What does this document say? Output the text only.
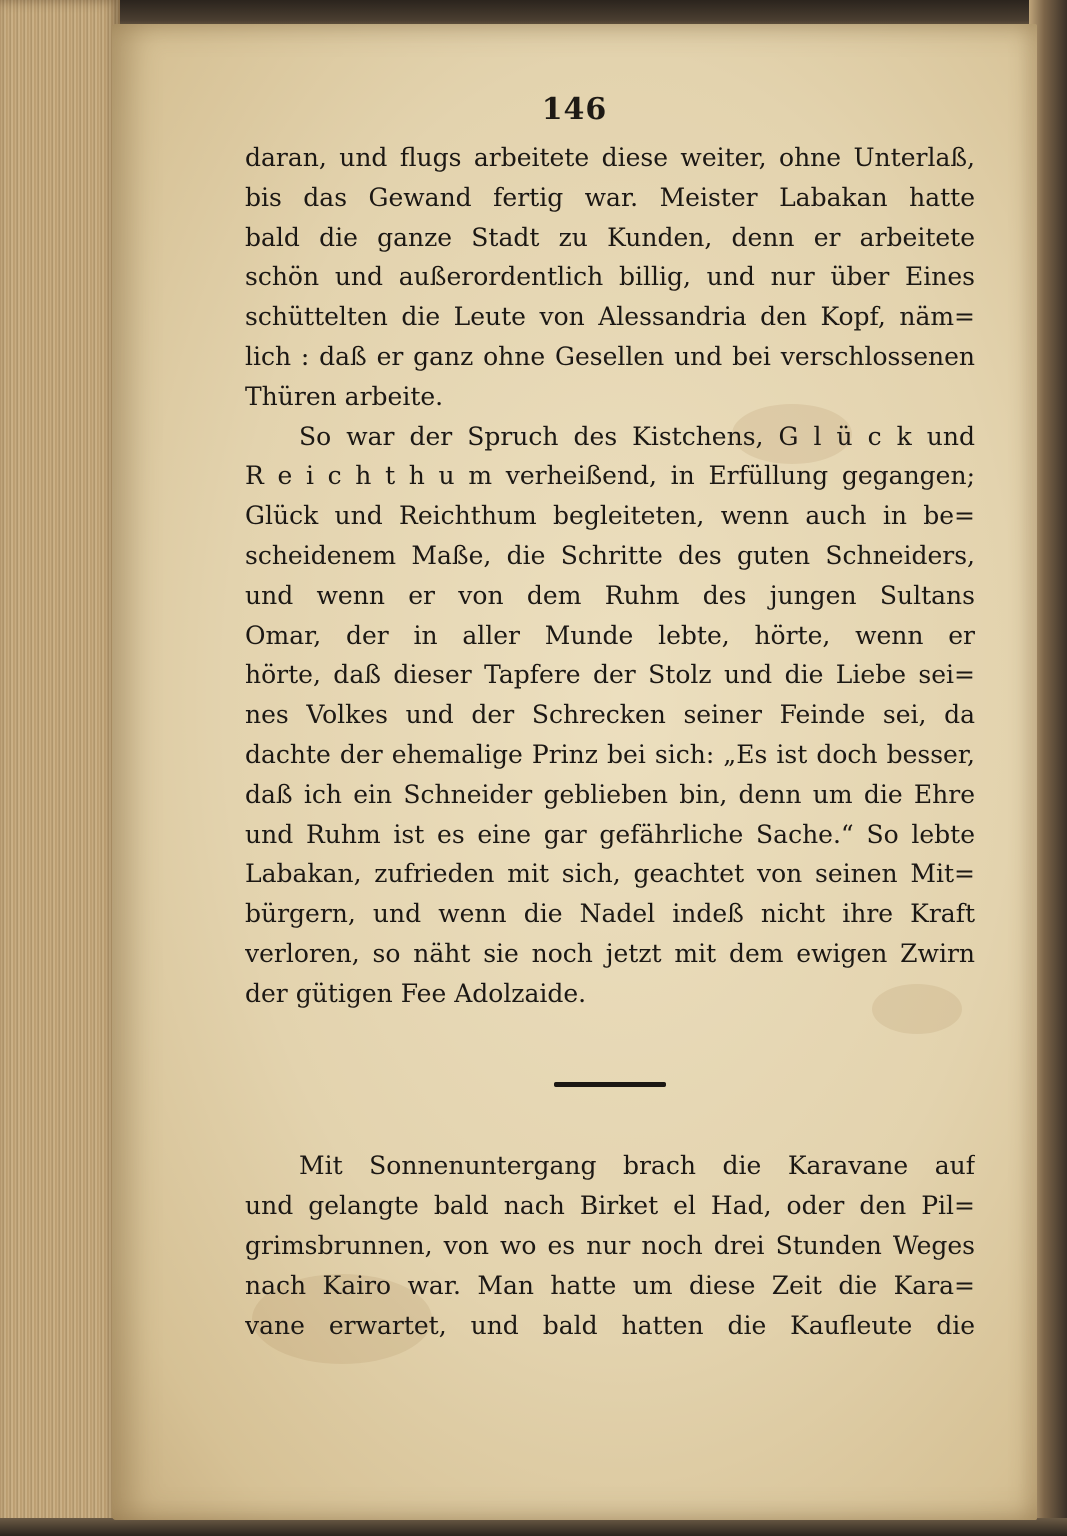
146
daran, und flugs arbeitete diese weiter, ohne Unterlaß,
bis das Gewand fertig war. Meister Labakan hatte
bald die ganze Stadt zu Kunden, denn er arbeitete
schön und außerordentlich billig, und nur über Eines
schüttelten die Leute von Alessandria den Kopf, näm=
lich : daß er ganz ohne Gesellen und bei verschlossenen
Thüren arbeite.
So war der Spruch des Kistchens, G l ü c k und
R e i c h t h u m verheißend, in Erfüllung gegangen;
Glück und Reichthum begleiteten, wenn auch in be=
scheidenem Maße, die Schritte des guten Schneiders,
und wenn er von dem Ruhm des jungen Sultans
Omar, der in aller Munde lebte, hörte, wenn er
hörte, daß dieser Tapfere der Stolz und die Liebe sei=
nes Volkes und der Schrecken seiner Feinde sei, da
dachte der ehemalige Prinz bei sich: „Es ist doch besser,
daß ich ein Schneider geblieben bin, denn um die Ehre
und Ruhm ist es eine gar gefährliche Sache.“ So lebte
Labakan, zufrieden mit sich, geachtet von seinen Mit=
bürgern, und wenn die Nadel indeß nicht ihre Kraft
verloren, so näht sie noch jetzt mit dem ewigen Zwirn
der gütigen Fee Adolzaide.
Mit Sonnenuntergang brach die Karavane auf
und gelangte bald nach Birket el Had, oder den Pil=
grimsbrunnen, von wo es nur noch drei Stunden Weges
nach Kairo war. Man hatte um diese Zeit die Kara=
vane erwartet, und bald hatten die Kaufleute die
